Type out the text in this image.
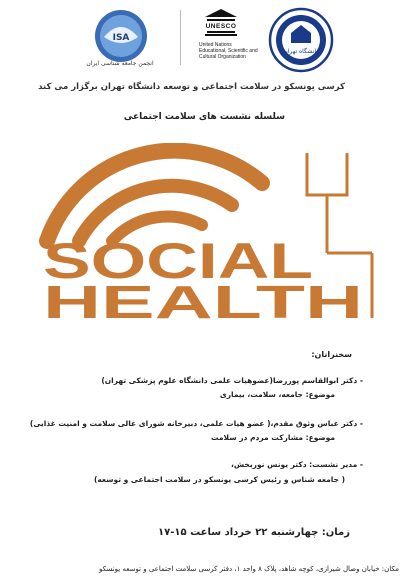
دانشگاه تهران
UNESCO
United Nations
Educational, Scientific and
Cultural Organization
ISA
انجمن جامعه شناسی ایران
کرسی یونسکو در سلامت اجتماعی و توسعه دانشگاه تهران برگزار می کند
سلسله نشست های سلامت اجتماعی
SOCIAL
HEALTH
سخنرانان:
- دکتر ابوالقاسم پوررضا(عضوهیات علمی دانشگاه علوم پزشکی تهران)
موضوع: جامعه، سلامت، بیماری
- دکتر عباس وثوق مقدم،( عضو هیات علمی، دبیرخانه شورای عالی سلامت و امنیت غذایی)
موضوع: مشارکت مردم در سلامت
- مدیر نشست: دکتر یونس نوربخش،
( جامعه شناس و رئیس کرسی یونسکو در سلامت اجتماعی و توسعه)
زمان: چهارشنبه ۲۲ خرداد ساعت ۱۵-۱۷
مکان: خیابان وصال شیرازی، کوچه شاهد، پلاک ۸ واحد ۱، دفتر کرسی سلامت اجتماعی و توسعه یونسکو
